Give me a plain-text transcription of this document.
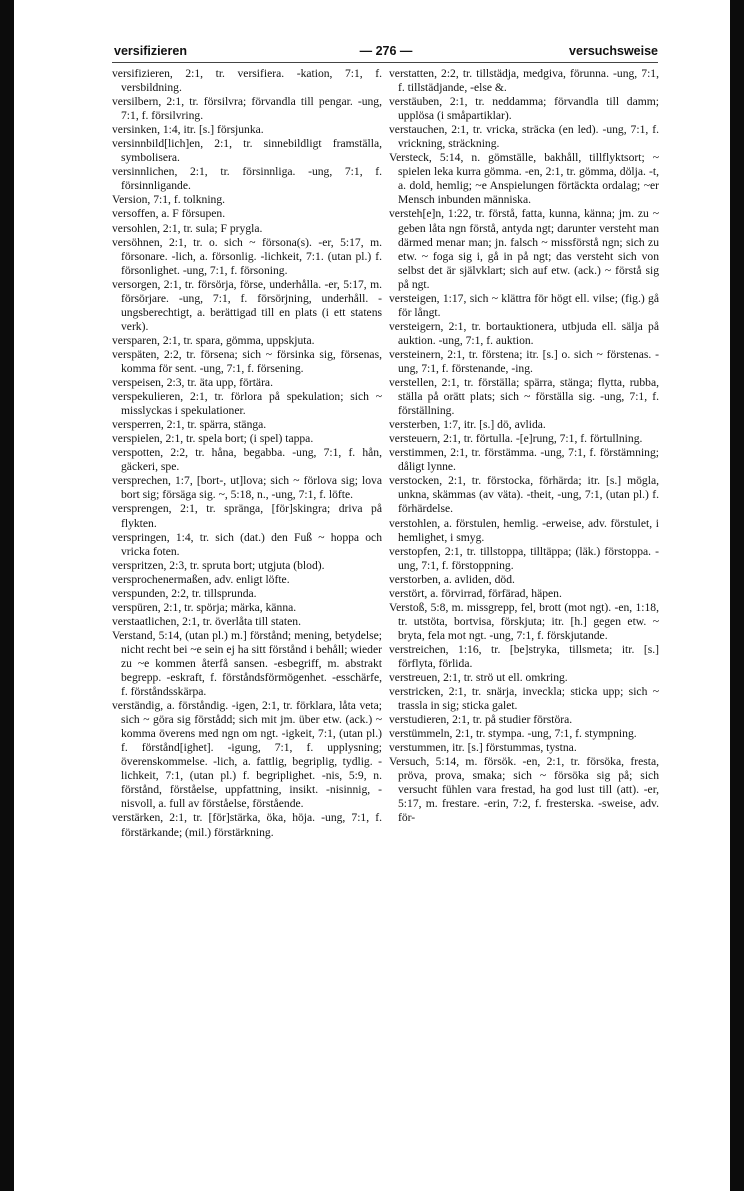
versifizieren	— 276 —	versuchsweise

versifizieren, 2:1, tr. versifiera. -kation, 7:1, f. versbildning.

versilbern, 2:1, tr. försilvra; förvandla till pengar. -ung, 7:1, f. försilvring.

versinken, 1:4, itr. [s.] försjunka.

versinnbild[lich]en, 2:1, tr. sinnebildligt framställa, symbolisera.

versinnlichen, 2:1, tr. försinnliga. -ung, 7:1, f. försinnligande.

Version, 7:1, f. tolkning.

versoffen, a. F försupen.

versohlen, 2:1, tr. sula; F prygla.

versöhnen, 2:1, tr. o. sich ~ försona(s). -er, 5:17, m. försonare. -lich, a. försonlig. -lichkeit, 7:1. (utan pl.) f. försonlighet. -ung, 7:1, f. försoning.

versorgen, 2:1, tr. försörja, förse, underhålla. -er, 5:17, m. försörjare. -ung, 7:1, f. försörjning, underhåll. -ungsberechtigt, a. berättigad till en plats (i ett statens verk).

versparen, 2:1, tr. spara, gömma, uppskjuta.

verspäten, 2:2, tr. försena; sich ~ försinka sig, försenas, komma för sent. -ung, 7:1, f. försening.

verspeisen, 2:3, tr. äta upp, förtära.

verspekulieren, 2:1, tr. förlora på spekulation; sich ~ misslyckas i spekulationer.

versperren, 2:1, tr. spärra, stänga.

verspielen, 2:1, tr. spela bort; (i spel) tappa.

verspotten, 2:2, tr. håna, begabba. -ung, 7:1, f. hån, gäckeri, spe.

versprechen, 1:7, [bort-, ut]lova; sich ~ förlova sig; lova bort sig; försäga sig. ~, 5:18, n., -ung, 7:1, f. löfte.

versprengen, 2:1, tr. spränga, [för]skingra; driva på flykten.

verspringen, 1:4, tr. sich (dat.) den Fuß ~ hoppa och vricka foten.

verspritzen, 2:3, tr. spruta bort; utgjuta (blod).

versprochenermaßen, adv. enligt löfte.

verspunden, 2:2, tr. tillsprunda.

verspüren, 2:1, tr. spörja; märka, känna.

verstaatlichen, 2:1, tr. överlåta till staten.

Verstand, 5:14, (utan pl.) m.] förstånd; mening, betydelse; nicht recht bei ~e sein ej ha sitt förstånd i behåll; wieder zu ~e kommen återfå sansen. -esbegriff, m. abstrakt begrepp. -eskraft, f. förståndsförmögenhet. -esschärfe, f. förståndsskärpa.

verständig, a. förståndig. -igen, 2:1, tr. förklara, låta veta; sich ~ göra sig förstådd; sich mit jm. über etw. (ack.) ~ komma överens med ngn om ngt. -igkeit, 7:1, (utan pl.) f. förstånd[ighet]. -igung, 7:1, f. upplysning; överenskommelse. -lich, a. fattlig, begriplig, tydlig. -lichkeit, 7:1, (utan pl.) f. begriplighet. -nis, 5:9, n. förstånd, förståelse, uppfattning, insikt. -nisinnig, -nisvoll, a. full av förståelse, förstående.

verstärken, 2:1, tr. [för]stärka, öka, höja. -ung, 7:1, f. förstärkande; (mil.) förstärkning.

verstatten, 2:2, tr. tillstädja, medgiva, förunna. -ung, 7:1, f. tillstädjande, -else &.

verstäuben, 2:1, tr. neddamma; förvandla till damm; upplösa (i småpartiklar).

verstauchen, 2:1, tr. vricka, sträcka (en led). -ung, 7:1, f. vrickning, sträckning.

Versteck, 5:14, n. gömställe, bakhåll, tillflyktsort; ~ spielen leka kurra gömma. -en, 2:1, tr. gömma, dölja. -t, a. dold, hemlig; ~e Anspielungen förtäckta ordalag; ~er Mensch inbunden människa.

versteh[e]n, 1:22, tr. förstå, fatta, kunna, känna; jm. zu ~ geben låta ngn förstå, antyda ngt; darunter versteht man därmed menar man; jn. falsch ~ missförstå ngn; sich zu etw. ~ foga sig i, gå in på ngt; das versteht sich von selbst det är självklart; sich auf etw. (ack.) ~ förstå sig på ngt.

versteigen, 1:17, sich ~ klättra för högt ell. vilse; (fig.) gå för långt.

versteigern, 2:1, tr. bortauktionera, utbjuda ell. sälja på auktion. -ung, 7:1, f. auktion.

versteinern, 2:1, tr. förstena; itr. [s.] o. sich ~ förstenas. -ung, 7:1, f. förstenande, -ing.

verstellen, 2:1, tr. förställa; spärra, stänga; flytta, rubba, ställa på orätt plats; sich ~ förställa sig. -ung, 7:1, f. förställning.

versterben, 1:7, itr. [s.] dö, avlida.

versteuern, 2:1, tr. förtulla. -[e]rung, 7:1, f. förtullning.

verstimmen, 2:1, tr. förstämma. -ung, 7:1, f. förstämning; dåligt lynne.

verstocken, 2:1, tr. förstocka, förhärda; itr. [s.] mögla, unkna, skämmas (av väta). -theit, -ung, 7:1, (utan pl.) f. förhärdelse.

verstohlen, a. förstulen, hemlig. -erweise, adv. förstulet, i hemlighet, i smyg.

verstopfen, 2:1, tr. tillstoppa, tilltäppa; (läk.) förstoppa. -ung, 7:1, f. förstoppning.

verstorben, a. avliden, död.

verstört, a. förvirrad, förfärad, häpen.

Verstoß, 5:8, m. missgrepp, fel, brott (mot ngt). -en, 1:18, tr. utstöta, bortvisa, förskjuta; itr. [h.] gegen etw. ~ bryta, fela mot ngt. -ung, 7:1, f. förskjutande.

verstreichen, 1:16, tr. [be]strykа, tillsmeta; itr. [s.] förflyta, förlida.

verstreuen, 2:1, tr. strö ut ell. omkring.

verstricken, 2:1, tr. snärja, inveckla; sticka upp; sich ~ trassla in sig; sticka galet.

verstudieren, 2:1, tr. på studier förstöra.

verstümmeln, 2:1, tr. stympa. -ung, 7:1, f. stympning.

verstummen, itr. [s.] förstummas, tystna.

Versuch, 5:14, m. försök. -en, 2:1, tr. försöka, fresta, pröva, prova, smaka; sich ~ försöka sig på; sich versucht fühlen vara frestad, ha god lust till (att). -er, 5:17, m. frestare. -erin, 7:2, f. fresterska. -sweise, adv. för-
